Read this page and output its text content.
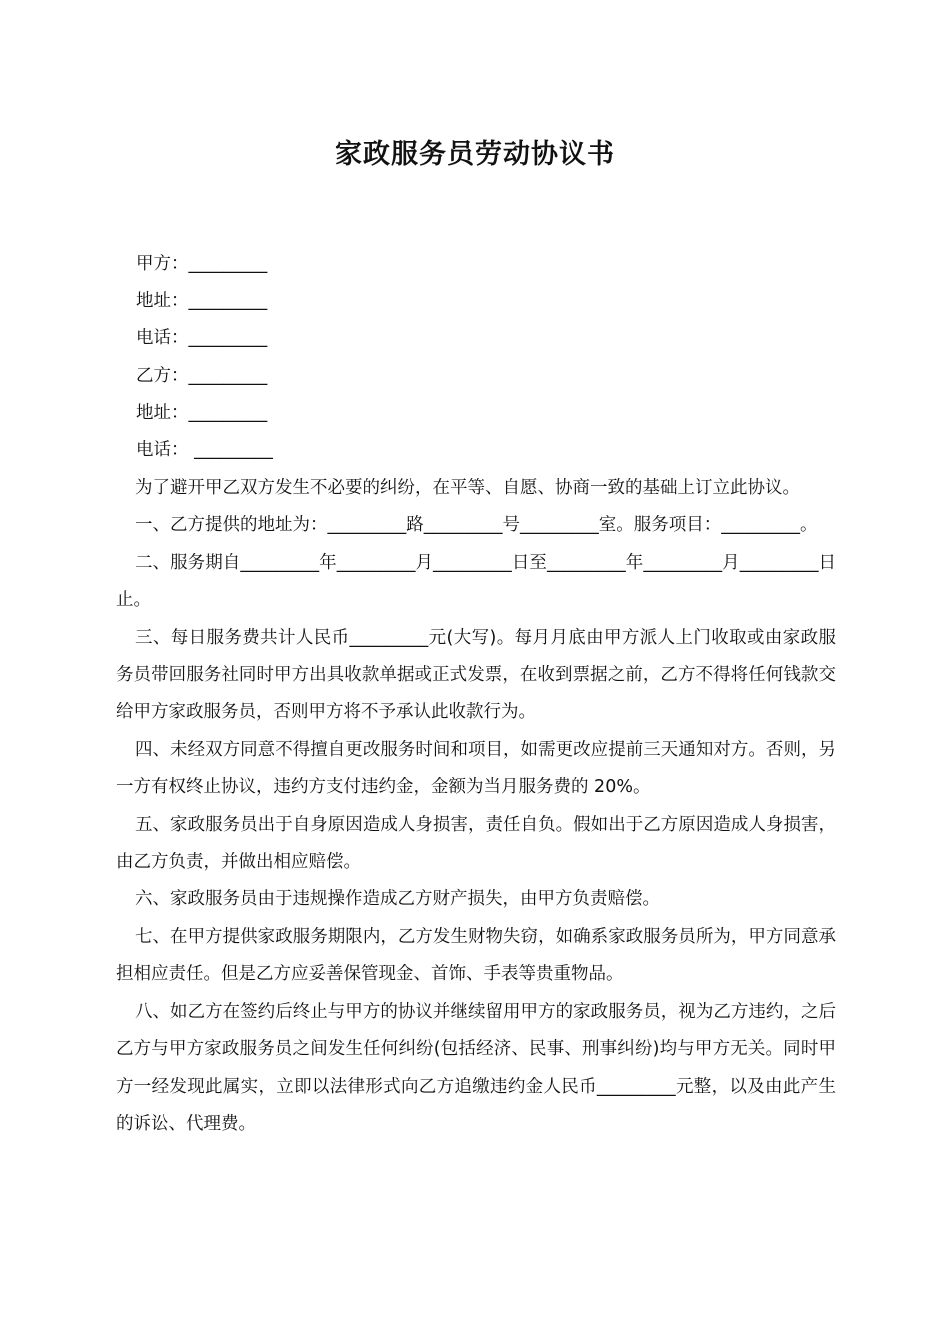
家政服务员劳动协议书
甲方：_________
地址：_________
电话：_________
乙方：_________
地址：_________
电话： _________

为了避开甲乙双方发生不必要的纠纷，在平等、自愿、协商一致的基础上订立此协议。

一、乙方提供的地址为：_________路_________号_________室。服务项目：_________。

二、服务期自_________年_________月_________日至_________年_________月_________日止。

三、每日服务费共计人民币_________元(大写)。每月月底由甲方派人上门收取或由家政服务员带回服务社同时甲方出具收款单据或正式发票，在收到票据之前，乙方不得将任何钱款交给甲方家政服务员，否则甲方将不予承认此收款行为。

四、未经双方同意不得擅自更改服务时间和项目，如需更改应提前三天通知对方。否则，另一方有权终止协议，违约方支付违约金，金额为当月服务费的 20%。

五、家政服务员出于自身原因造成人身损害，责任自负。假如出于乙方原因造成人身损害，由乙方负责，并做出相应赔偿。

六、家政服务员由于违规操作造成乙方财产损失，由甲方负责赔偿。

七、在甲方提供家政服务期限内，乙方发生财物失窃，如确系家政服务员所为，甲方同意承担相应责任。但是乙方应妥善保管现金、首饰、手表等贵重物品。

八、如乙方在签约后终止与甲方的协议并继续留用甲方的家政服务员，视为乙方违约，之后乙方与甲方家政服务员之间发生任何纠纷(包括经济、民事、刑事纠纷)均与甲方无关。同时甲方一经发现此属实，立即以法律形式向乙方追缴违约金人民币_________元整，以及由此产生的诉讼、代理费。
